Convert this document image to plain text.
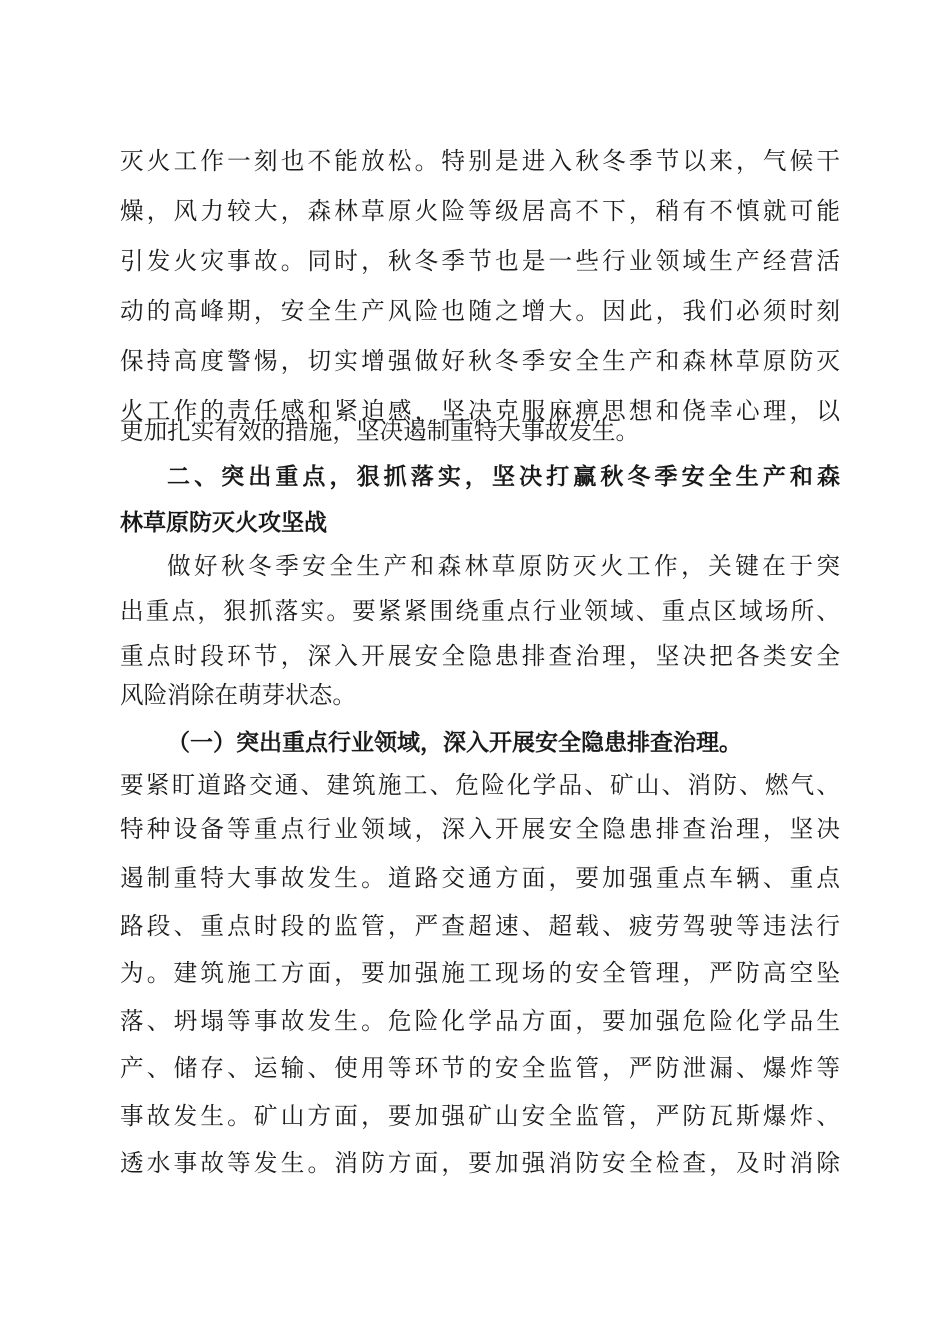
灭火工作一刻也不能放松。特别是进入秋冬季节以来，气候干
燥，风力较大，森林草原火险等级居高不下，稍有不慎就可能
引发火灾事故。同时，秋冬季节也是一些行业领域生产经营活
动的高峰期，安全生产风险也随之增大。因此，我们必须时刻
保持高度警惕，切实增强做好秋冬季安全生产和森林草原防灭
火工作的责任感和紧迫感，坚决克服麻痹思想和侥幸心理，以
更加扎实有效的措施，坚决遏制重特大事故发生。
二、突出重点，狠抓落实，坚决打赢秋冬季安全生产和森
林草原防灭火攻坚战
做好秋冬季安全生产和森林草原防灭火工作，关键在于突
出重点，狠抓落实。要紧紧围绕重点行业领域、重点区域场所、
重点时段环节，深入开展安全隐患排查治理，坚决把各类安全
风险消除在萌芽状态。
（一）突出重点行业领域，深入开展安全隐患排查治理。
要紧盯道路交通、建筑施工、危险化学品、矿山、消防、燃气、
特种设备等重点行业领域，深入开展安全隐患排查治理，坚决
遏制重特大事故发生。道路交通方面，要加强重点车辆、重点
路段、重点时段的监管，严查超速、超载、疲劳驾驶等违法行
为。建筑施工方面，要加强施工现场的安全管理，严防高空坠
落、坍塌等事故发生。危险化学品方面，要加强危险化学品生
产、储存、运输、使用等环节的安全监管，严防泄漏、爆炸等
事故发生。矿山方面，要加强矿山安全监管，严防瓦斯爆炸、
透水事故等发生。消防方面，要加强消防安全检查，及时消除
